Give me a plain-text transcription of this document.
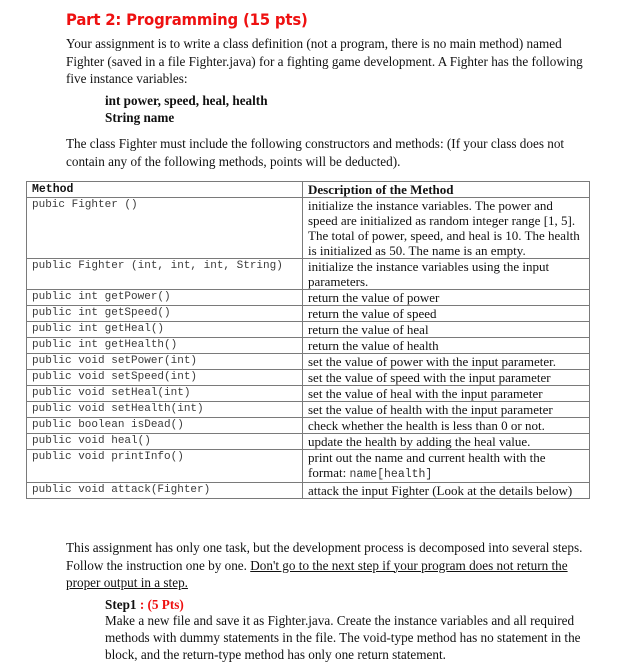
Part 2: Programming (15 pts)
Your assignment is to write a class definition (not a program, there is no main method) named Fighter (saved in a file Fighter.java) for a fighting game development. A Fighter has the following five instance variables:
int power, speed, heal, health
String name
The class Fighter must include the following constructors and methods: (If your class does not contain any of the following methods, points will be deducted).
Method	Description of the Method
pubic Fighter ()	initialize the instance variables. The power and speed are initialized as random integer range [1, 5]. The total of power, speed, and heal is 10. The health is initialized as 50. The name is an empty.
public Fighter (int, int, int, String)	initialize the instance variables using the input parameters.
public int getPower()	return the value of power
public int getSpeed()	return the value of speed
public int getHeal()	return the value of heal
public int getHealth()	return the value of health
public void setPower(int)	set the value of power with the input parameter.
public void setSpeed(int)	set the value of speed with the input parameter
public void setHeal(int)	set the value of heal with the input parameter
public void setHealth(int)	set the value of health with the input parameter
public boolean isDead()	check whether the health is less than 0 or not.
public void heal()	update the health by adding the heal value.
public void printInfo()	print out the name and current health with the
format: name[health]
public void attack(Fighter)	attack the input Fighter (Look at the details below)
This assignment has only one task, but the development process is decomposed into several steps. Follow the instruction one by one. Don't go to the next step if your program does not return the proper output in a step.
Step1 : (5 Pts)
Make a new file and save it as Fighter.java. Create the instance variables and all required methods with dummy statements in the file. The void-type method has no statement in the block, and the return-type method has only one return statement.
